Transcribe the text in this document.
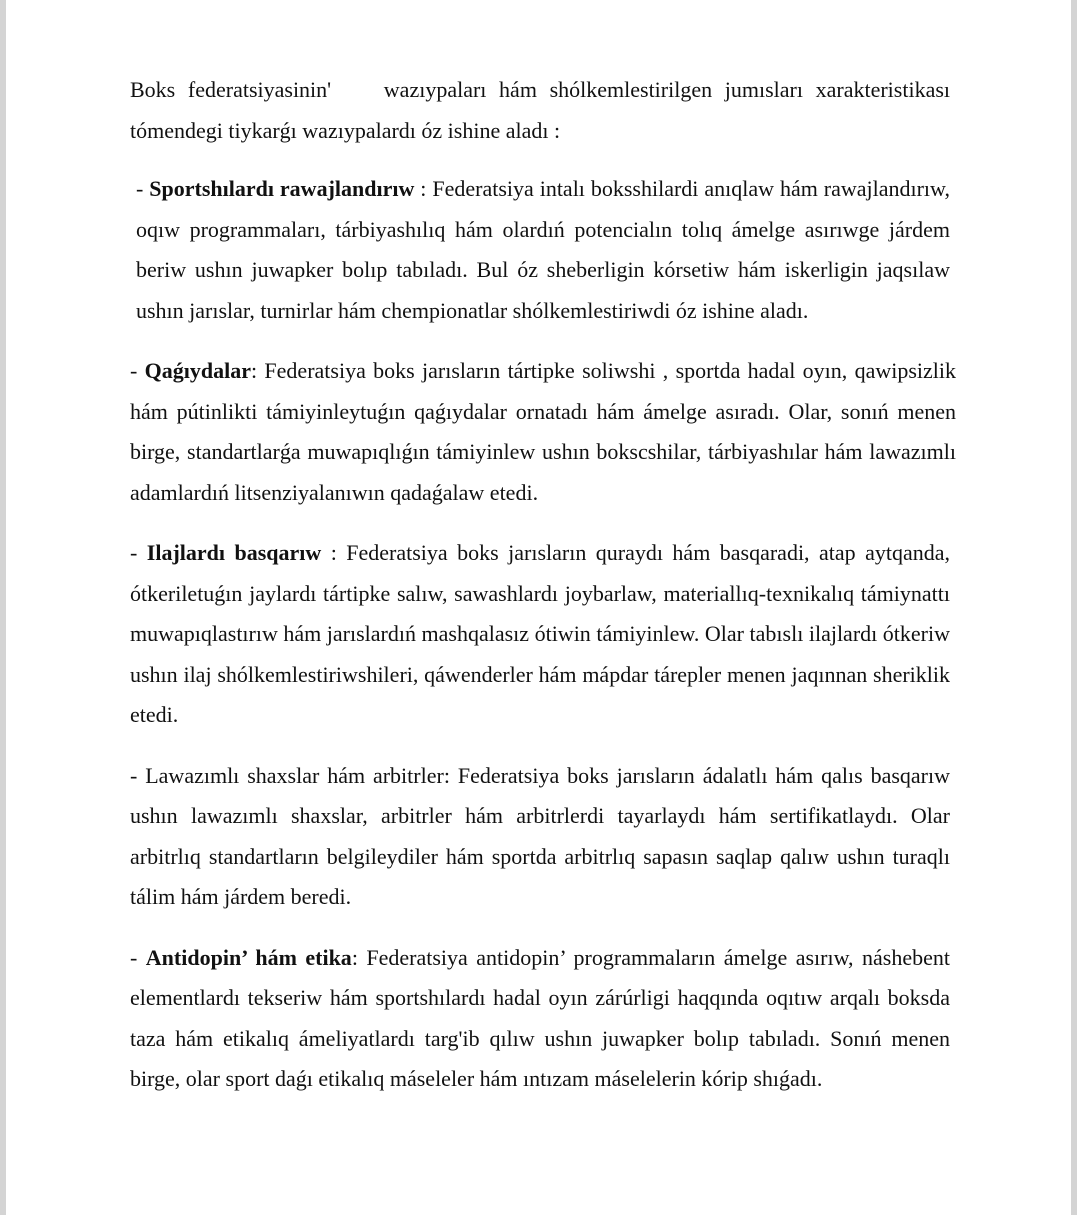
Boks federatsiyasinin' wazıypaları hám shólkemlestirilgen jumısları xarakteristikası tómendegi tiykarǵı wazıypalardı óz ishine aladı :

- Sportshılardı rawajlandırıw : Federatsiya intalı boksshilardi anıqlaw hám rawajlandırıw, oqıw programmaları, tárbiyashılıq hám olardıń potencialın tolıq ámelge asırıwge járdem beriw ushın juwapker bolıp tabıladı. Bul óz sheberligin kórsetiw hám iskerligin jaqsılaw ushın jarıslar, turnirlar hám chempionatlar shólkemlestiriwdi óz ishine aladı.

- Qaǵıydalar: Federatsiya boks jarısların tártipke soliwshi , sportda hadal oyın, qawipsizlik hám pútinlikti támiyinleytuǵın qaǵıydalar ornatadı hám ámelge asıradı. Olar, sonıń menen birge, standartlarǵa muwapıqlıǵın támiyinlew ushın bokscshilar, tárbiyashılar hám lawazımlı adamlardıń litsenziyalanıwın qadaǵalaw etedi.

- Ilajlardı basqarıw : Federatsiya boks jarısların quraydı hám basqaradi, atap aytqanda, ótkeriletuǵın jaylardı tártipke salıw, sawashlardı joybarlaw, materiallıq-texnikalıq támiynattı muwapıqlastırıw hám jarıslardıń mashqalasız ótiwin támiyinlew. Olar tabıslı ilajlardı ótkeriw ushın ilaj shólkemlestiriwshileri, qáwenderler hám mápdar tárepler menen jaqınnan sheriklik etedi.

- Lawazımlı shaxslar hám arbitrler: Federatsiya boks jarısların ádalatlı hám qalıs basqarıw ushın lawazımlı shaxslar, arbitrler hám arbitrlerdi tayarlaydı hám sertifikatlaydı. Olar arbitrlıq standartların belgileydiler hám sportda arbitrlıq sapasın saqlap qalıw ushın turaqlı tálim hám járdem beredi.

- Antidopin’ hám etika: Federatsiya antidopin’ programmaların ámelge asırıw, náshebent elementlardı tekseriw hám sportshılardı hadal oyın zárúrligi haqqında oqıtıw arqalı boksda taza hám etikalıq ámeliyatlardı targ'ib qılıw ushın juwapker bolıp tabıladı. Sonıń menen birge, olar sport daǵı etikalıq máseleler hám ıntızam máselelerin kórip shıǵadı.
